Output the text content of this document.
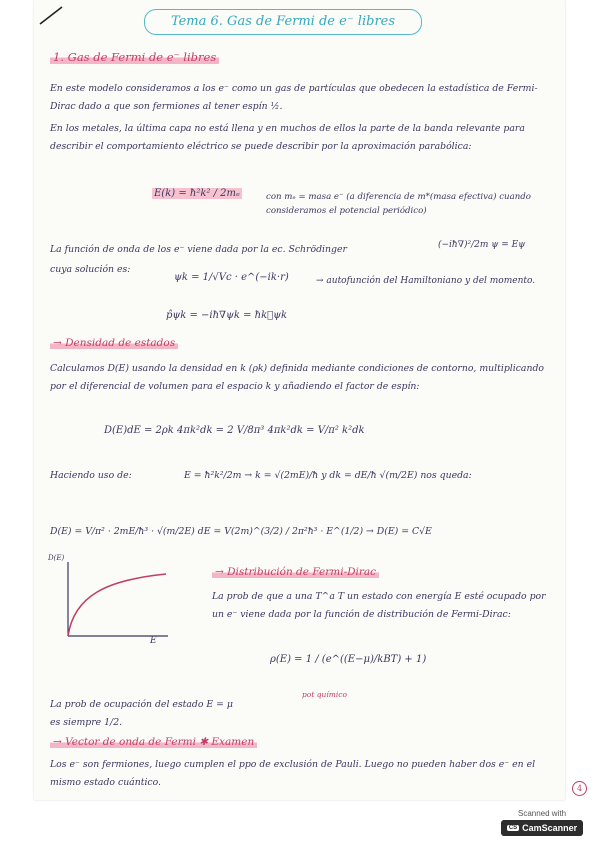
Tema 6. Gas de Fermi de e⁻ libres
1. Gas de Fermi de e⁻ libres

En este modelo consideramos a los e⁻ como un gas de partículas que obedecen la estadística de Fermi-Dirac dado a que son fermiones al tener espín ½.

En los metales, la última capa no está llena y en muchos de ellos la parte de la banda relevante para describir el comportamiento eléctrico se puede describir por la aproximación parabólica:

E(k) = ħ²k² / 2mₑ	con mₑ = masa e⁻ (a diferencia de m*(masa efectiva) cuando consideramos el potencial periódico)
La función de onda de los e⁻ viene dada por la ec. Schrödinger	(−iħ∇)²/2m ψ = Eψ
cuya solución es:
ψk = 1/√Vc · e^(−ik·r)	→ autofunción del Hamiltoniano y del momento.
p̂ψk = −iħ∇ψk = ħk⃗ψk
→ Densidad de estados

Calculamos D(E) usando la densidad en k (ρk) definida mediante condiciones de contorno, multiplicando por el diferencial de volumen para el espacio k y añadiendo el factor de espín:

D(E)dE = 2ρk 4πk²dk = 2 V/8π³ 4πk²dk = V/π² k²dk
Haciendo uso de:	E = ħ²k²/2m → k = √(2mE)/ħ y dk = dE/ħ √(m/2E) nos queda:
D(E) = V/π² · 2mE/ħ³ · √(m/2E) dE = V(2m)^(3/2) / 2π²ħ³ · E^(1/2) → D(E) = C√E
D(E)
E
→ Distribución de Fermi-Dirac

La prob de que a una T^a T un estado con energía E esté ocupado por un e⁻ viene dada por la función de distribución de Fermi-Dirac:

ρ(E) = 1 / (e^((E−μ)/kBT) + 1)
pot químico

La prob de ocupación del estado E = μ es siempre 1/2.

→ Vector de onda de Fermi ✱ Examen

Los e⁻ son fermiones, luego cumplen el ppo de exclusión de Pauli. Luego no pueden haber dos e⁻ en el mismo estado cuántico.

4
Scanned with
CS CamScanner
